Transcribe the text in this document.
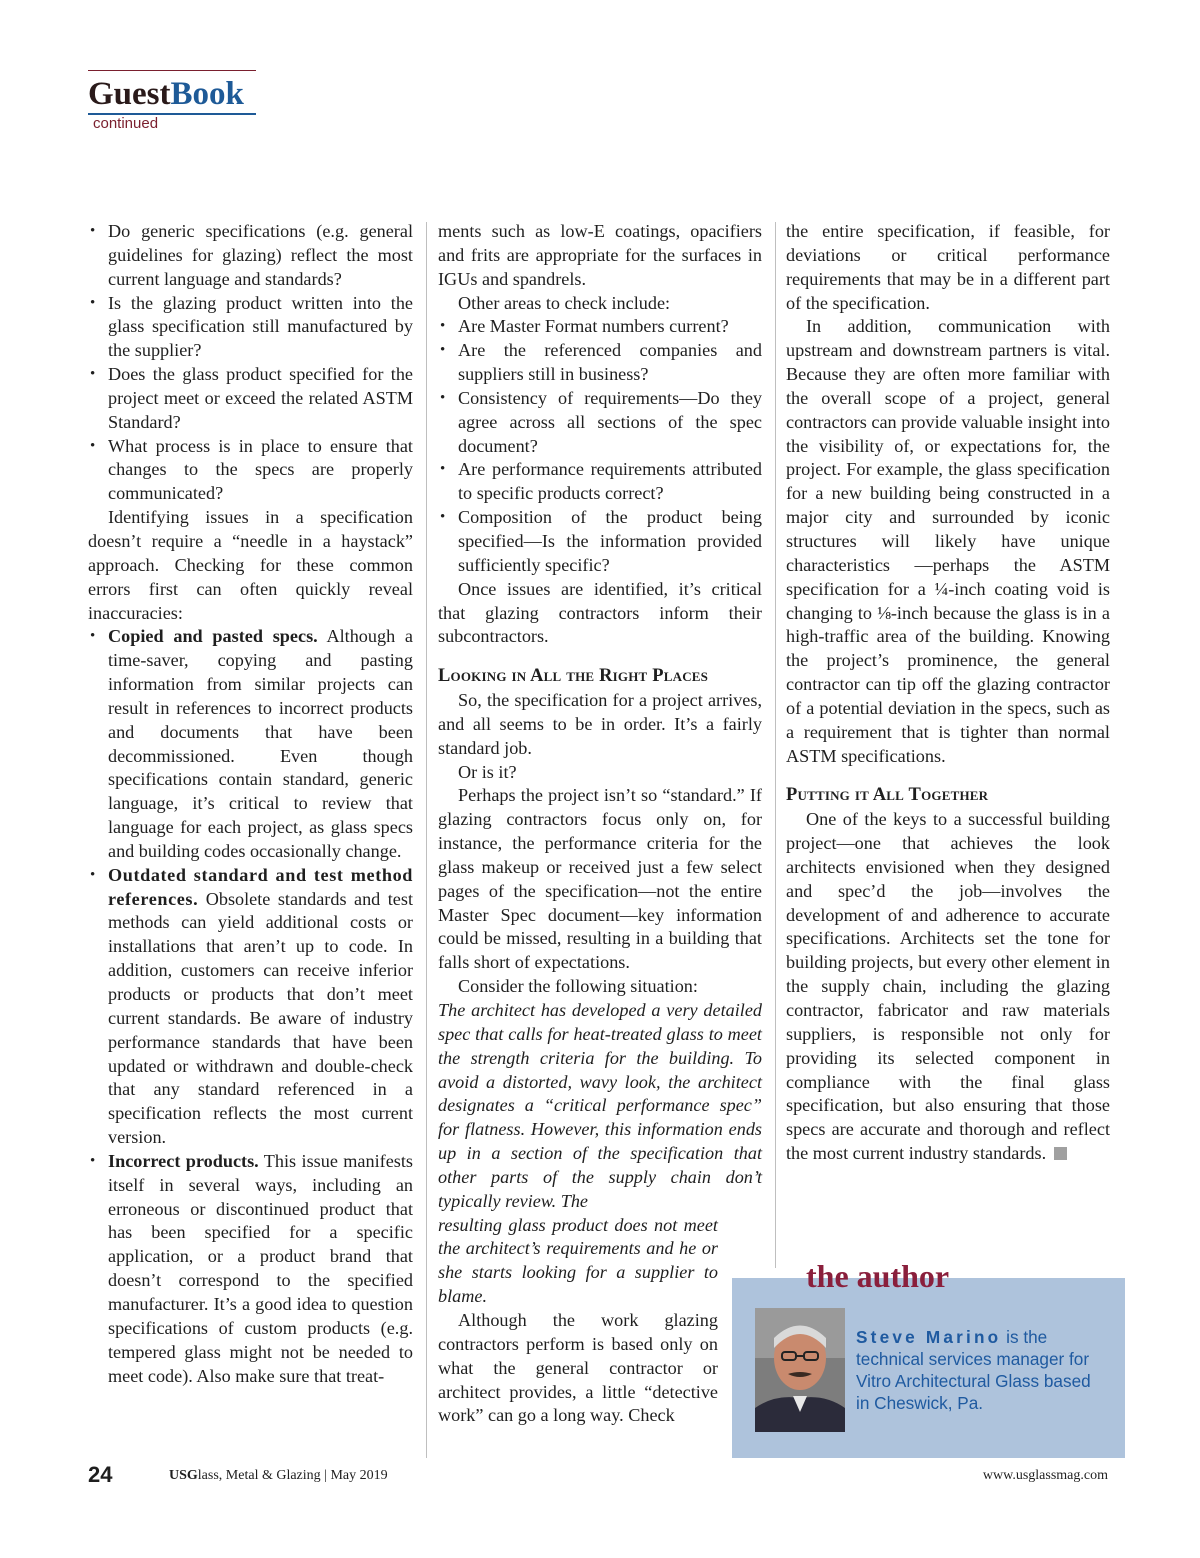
GuestBook
continued
• Do generic specifications (e.g. general guidelines for glazing) reflect the most current language and standards?
• Is the glazing product written into the glass specification still manufactured by the supplier?
• Does the glass product specified for the project meet or exceed the related ASTM Standard?
• What process is in place to ensure that changes to the specs are properly communicated?

Identifying issues in a specification doesn’t require a “needle in a haystack” approach. Checking for these common errors first can often quickly reveal inaccuracies:

• Copied and pasted specs. Although a time-saver, copying and pasting information from similar projects can result in references to incorrect products and documents that have been decommissioned. Even though specifications contain standard, generic language, it’s critical to review that language for each project, as glass specs and building codes occasionally change.
• Outdated standard and test method references. Obsolete standards and test methods can yield additional costs or installations that aren’t up to code. In addition, customers can receive inferior products or products that don’t meet current standards. Be aware of industry performance standards that have been updated or withdrawn and double-check that any standard referenced in a specification reflects the most current version.
• Incorrect products. This issue manifests itself in several ways, including an erroneous or discontinued product that has been specified for a specific application, or a product brand that doesn’t correspond to the specified manufacturer. It’s a good idea to question specifications of custom products (e.g. tempered glass might not be needed to meet code). Also make sure that treat-

ments such as low-E coatings, opacifiers and frits are appropriate for the surfaces in IGUs and spandrels.

Other areas to check include:

• Are Master Format numbers current?
• Are the referenced companies and suppliers still in business?
• Consistency of requirements—Do they agree across all sections of the spec document?
• Are performance requirements attributed to specific products correct?
• Composition of the product being specified—Is the information provided sufficiently specific?

Once issues are identified, it’s critical that glazing contractors inform their subcontractors.

Looking in All the Right Places

So, the specification for a project arrives, and all seems to be in order. It’s a fairly standard job.

Or is it?

Perhaps the project isn’t so “standard.” If glazing contractors focus only on, for instance, the performance criteria for the glass makeup or received just a few select pages of the specification—not the entire Master Spec document—key information could be missed, resulting in a building that falls short of expectations.

Consider the following situation:

The architect has developed a very detailed spec that calls for heat-treated glass to meet the strength criteria for the building. To avoid a distorted, wavy look, the architect designates a “critical performance spec” for flatness. However, this information ends up in a section of the specification that other parts of the supply chain don’t typically review. The

resulting glass product does not meet the architect’s requirements and he or she starts looking for a supplier to blame.

Although the work glazing contractors perform is based only on what the general contractor or architect provides, a little “detective work” can go a long way. Check

the entire specification, if feasible, for deviations or critical performance requirements that may be in a different part of the specification.

In addition, communication with upstream and downstream partners is vital. Because they are often more familiar with the overall scope of a project, general contractors can provide valuable insight into the visibility of, or expectations for, the project. For example, the glass specification for a new building being constructed in a major city and surrounded by iconic structures will likely have unique characteristics —perhaps the ASTM specification for a ¼-inch coating void is changing to ⅛-inch because the glass is in a high-traffic area of the building. Knowing the project’s prominence, the general contractor can tip off the glazing contractor of a potential deviation in the specs, such as a requirement that is tighter than normal ASTM specifications.

Putting it All Together

One of the keys to a successful building project—one that achieves the look architects envisioned when they designed and spec’d the job—involves the development of and adherence to accurate specifications. Architects set the tone for building projects, but every other element in the supply chain, including the glazing contractor, fabricator and raw materials suppliers, is responsible not only for providing its selected component in compliance with the final glass specification, but also ensuring that those specs are accurate and thorough and reflect the most current industry standards.

the author
Steve Marino is the technical services manager for Vitro Architectural Glass based in Cheswick, Pa.
24	USGlass, Metal & Glazing | May 2019	www.usglassmag.com
